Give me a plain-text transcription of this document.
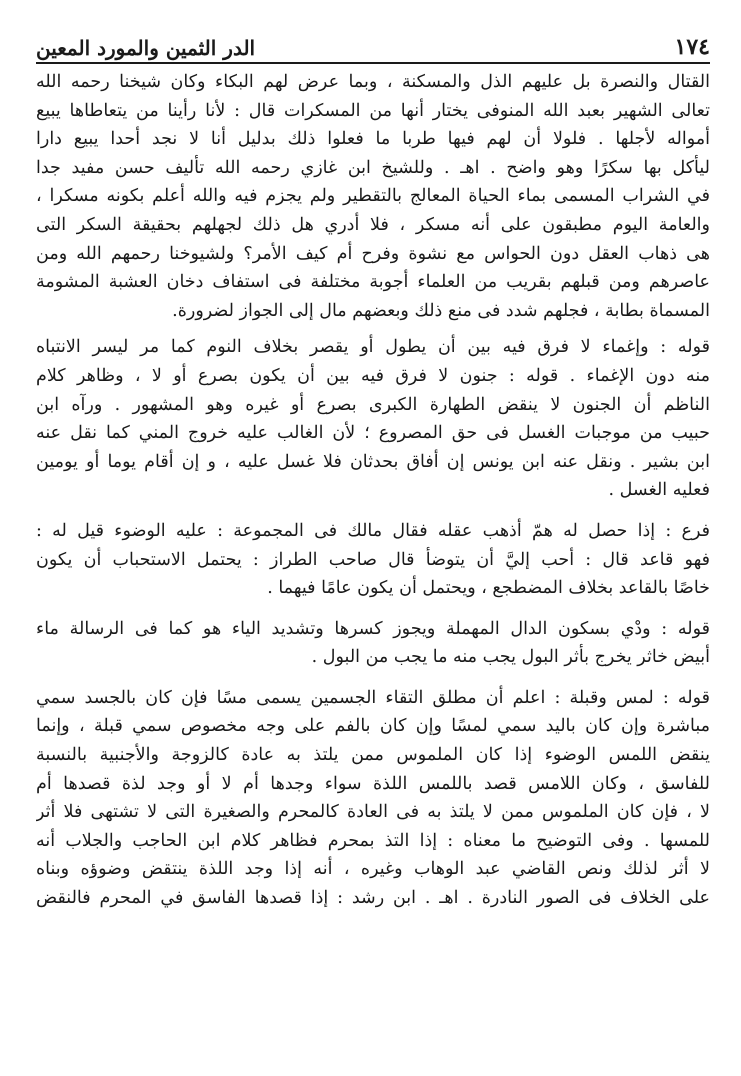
١٧٤
الدر الثمين والمورد المعين

القتال والنصرة بل عليهم الذل والمسكنة ، وبما عرض لهم البكاء وكان شيخنا رحمه الله
تعالى الشهير بعبد الله المنوفى يختار أنها من المسكرات قال : لأنا رأينا من يتعاطاها يبيع
أمواله لأجلها . فلولا أن لهم فيها طربا ما فعلوا ذلك بدليل أنا لا نجد أحدا يبيع دارا
ليأكل بها سكرًا وهو واضح . اهـ . وللشيخ ابن غازي رحمه الله تأليف حسن مفيد جدا
في الشراب المسمى بماء الحياة المعالج بالتقطير ولم يجزم فيه والله أعلم بكونه مسكرا ،
والعامة اليوم مطبقون على أنه مسكر ، فلا أدري هل ذلك لجهلهم بحقيقة السكر التى
هى ذهاب العقل دون الحواس مع نشوة وفرح أم كيف الأمر؟ ولشيوخنا رحمهم الله ومن
عاصرهم ومن قبلهم بقريب من العلماء أجوبة مختلفة فى استفاف دخان العشبة المشومة
المسماة بطابة ، فجلهم شدد فى منع ذلك وبعضهم مال إلى الجواز لضرورة.

قوله : وإغماء لا فرق فيه بين أن يطول أو يقصر بخلاف النوم كما مر ليسر الانتباه
منه دون الإغماء . قوله : جنون لا فرق فيه بين أن يكون بصرع أو لا ، وظاهر كلام
الناظم أن الجنون لا ينقض الطهارة الكبرى بصرع أو غيره وهو المشهور . ورآه ابن
حبيب من موجبات الغسل فى حق المصروع ؛ لأن الغالب عليه خروج المني كما نقل عنه
ابن بشير . ونقل عنه ابن يونس إن أفاق بحدثان فلا غسل عليه ، و إن أقام يوما أو يومين
فعليه الغسل .

فرع : إذا حصل له همّ أذهب عقله فقال مالك فى المجموعة : عليه الوضوء قيل له :
فهو قاعد قال : أحب إليَّ أن يتوضأ قال صاحب الطراز : يحتمل الاستحباب أن يكون
خاصًا بالقاعد بخلاف المضطجع ، ويحتمل أن يكون عامًا فيهما .

قوله : ودْي بسكون الدال المهملة ويجوز كسرها وتشديد الياء هو كما فى الرسالة ماء
أبيض خاثر يخرج بأثر البول يجب منه ما يجب من البول .

قوله : لمس وقبلة : اعلم أن مطلق التقاء الجسمين يسمى مسًا فإن كان بالجسد سمي
مباشرة وإن كان باليد سمي لمسًا وإن كان بالفم على وجه مخصوص سمي قبلة ، وإنما
ينقض اللمس الوضوء إذا كان الملموس ممن يلتذ به عادة كالزوجة والأجنبية بالنسبة
للفاسق ، وكان اللامس قصد باللمس اللذة سواء وجدها أم لا أو وجد لذة قصدها أم
لا ، فإن كان الملموس ممن لا يلتذ به فى العادة كالمحرم والصغيرة التى لا تشتهى فلا أثر
للمسها . وفى التوضيح ما معناه : إذا التذ بمحرم فظاهر كلام ابن الحاجب والجلاب أنه
لا أثر لذلك ونص القاضي عبد الوهاب وغيره ، أنه إذا وجد اللذة ينتقض وضوؤه وبناه
على الخلاف فى الصور النادرة . اهـ . ابن رشد : إذا قصدها الفاسق في المحرم فالنقض
